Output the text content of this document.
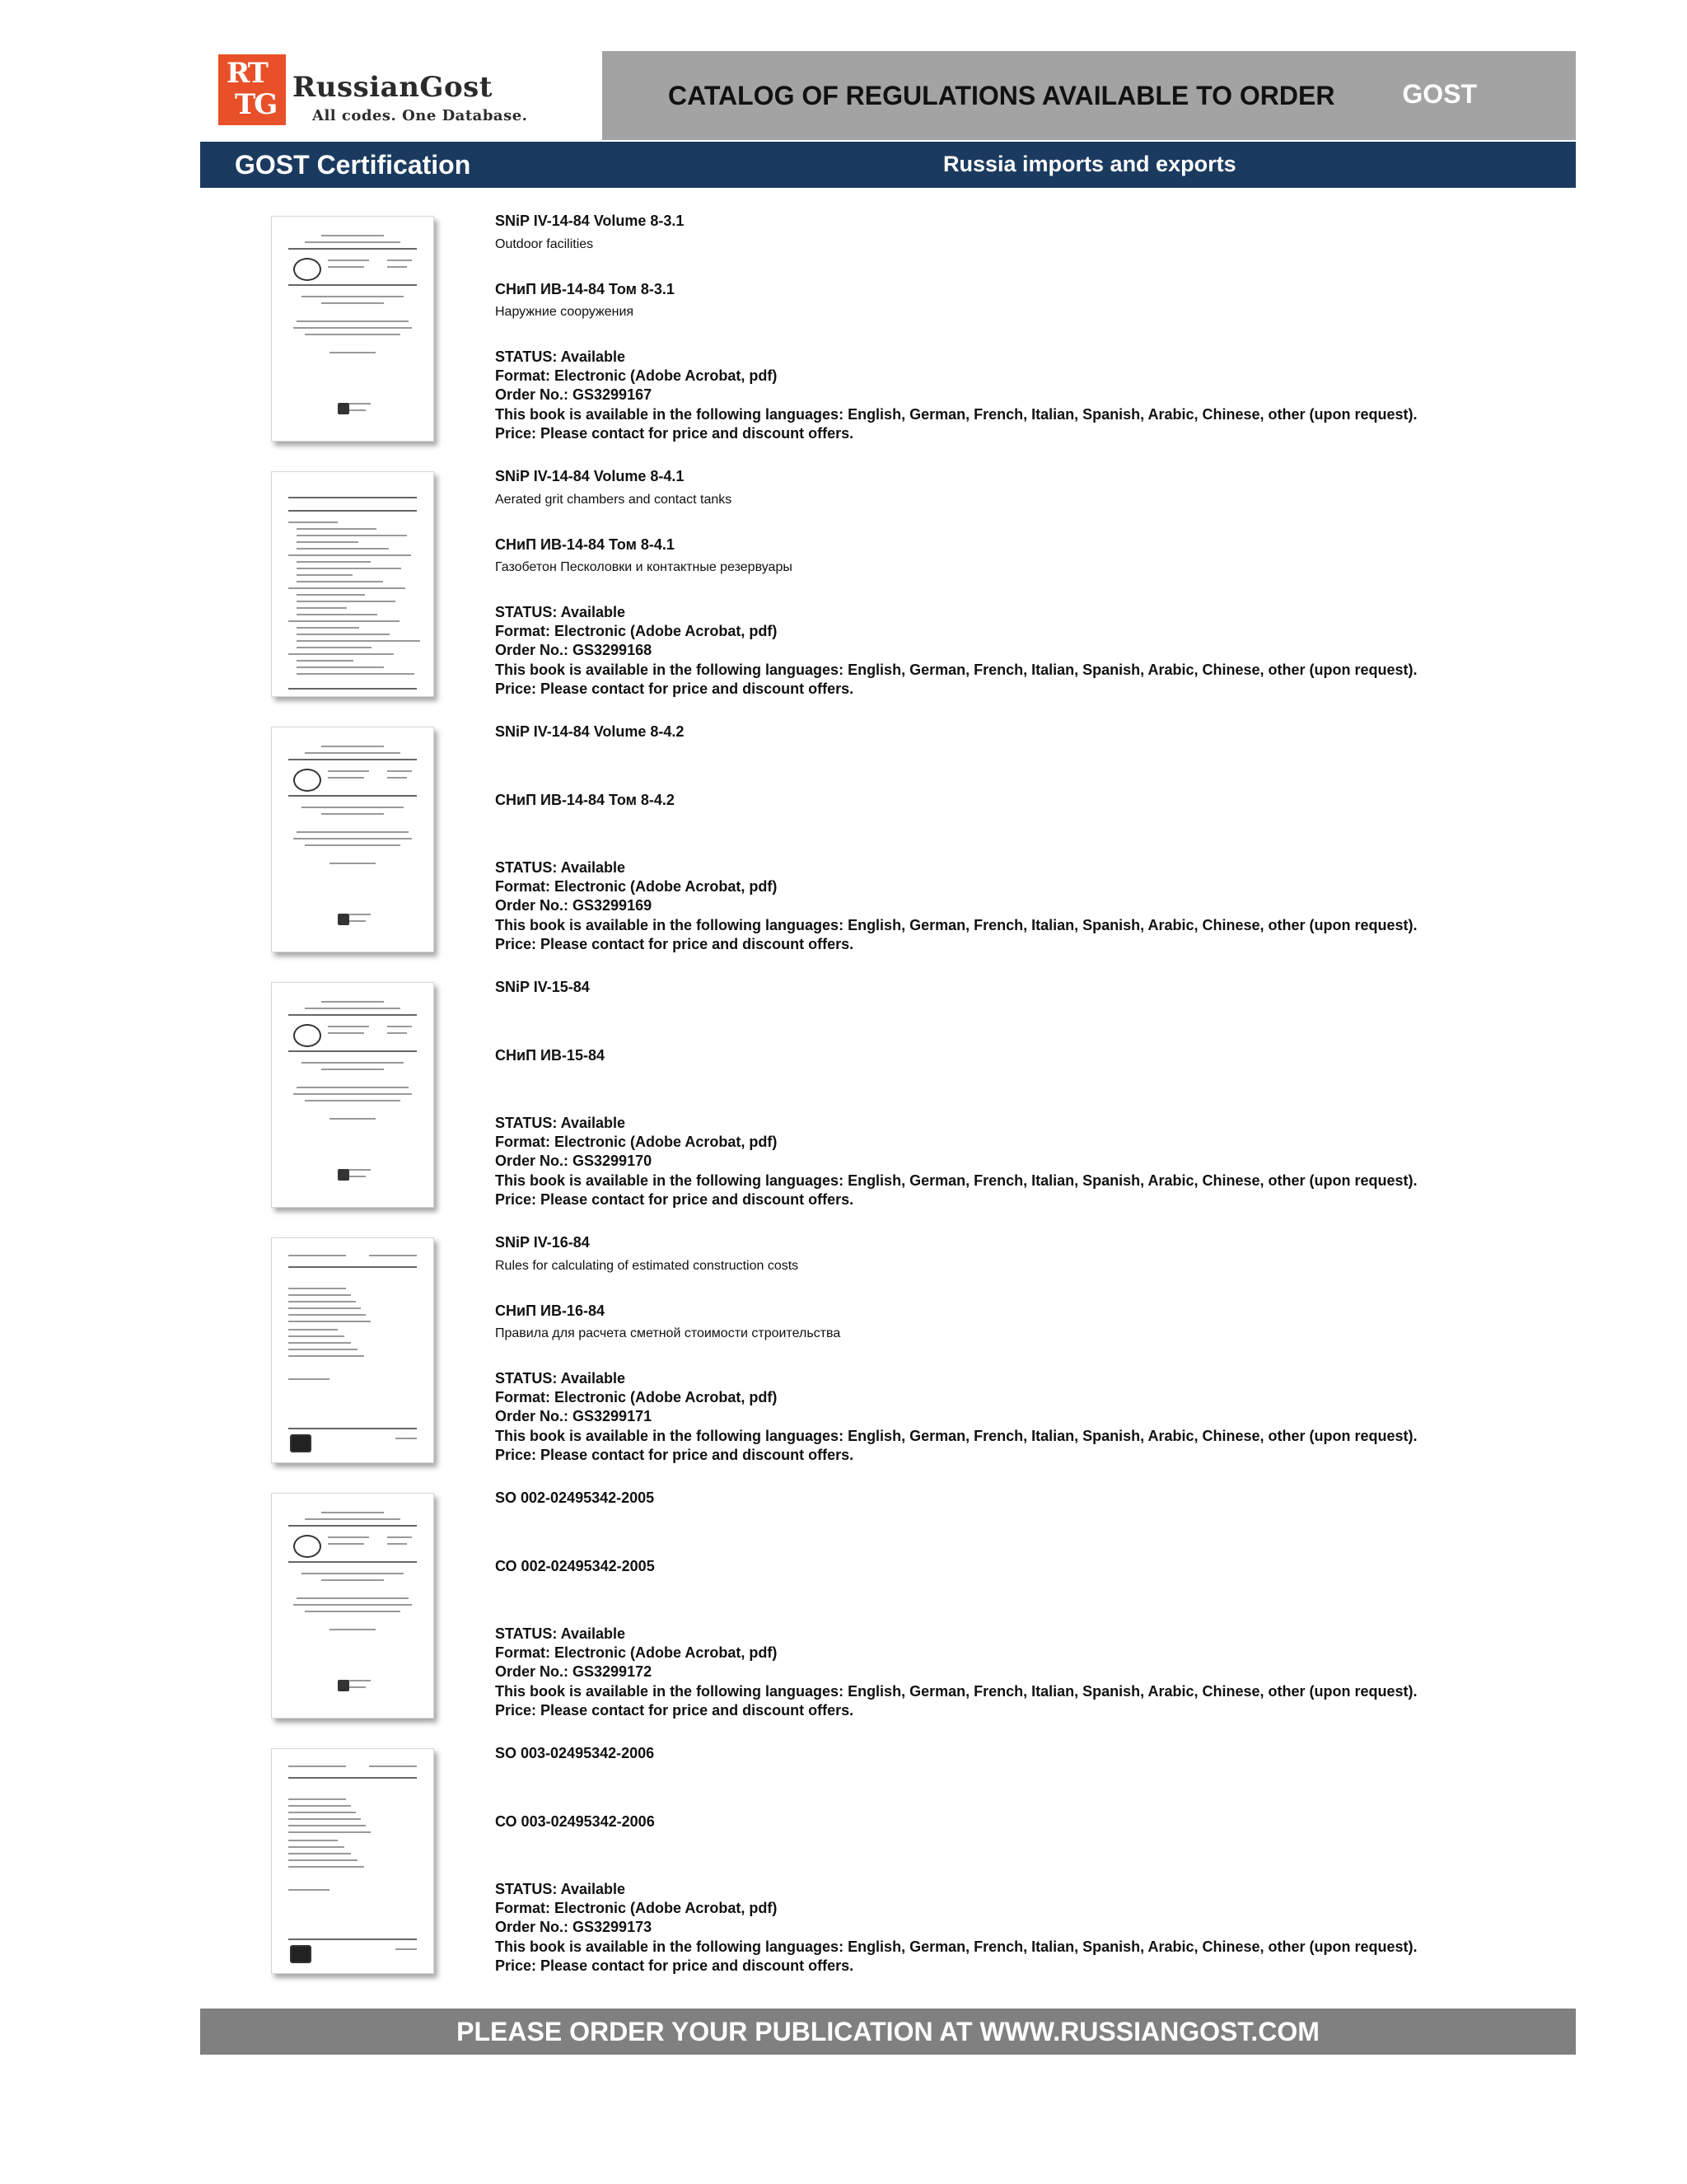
RT
TG
RussianGost
All codes. One Database.
CATALOG OF REGULATIONS AVAILABLE TO ORDER	GOST
GOST Certification	Russia imports and exports
SNiP IV-14-84 Volume 8-3.1
Outdoor facilities
СНиП ИВ-14-84 Том 8-3.1
Наружние сооружения
STATUS: Available
Format: Electronic (Adobe Acrobat, pdf)
Order No.: GS3299167
This book is available in the following languages: English, German, French, Italian, Spanish, Arabic, Chinese, other (upon request).
Price: Please contact for price and discount offers.
SNiP IV-14-84 Volume 8-4.1
Aerated grit chambers and contact tanks
СНиП ИВ-14-84 Том 8-4.1
Газобетон Песколовки и контактные резервуары
STATUS: Available
Format: Electronic (Adobe Acrobat, pdf)
Order No.: GS3299168
This book is available in the following languages: English, German, French, Italian, Spanish, Arabic, Chinese, other (upon request).
Price: Please contact for price and discount offers.
SNiP IV-14-84 Volume 8-4.2
СНиП ИВ-14-84 Том 8-4.2
STATUS: Available
Format: Electronic (Adobe Acrobat, pdf)
Order No.: GS3299169
This book is available in the following languages: English, German, French, Italian, Spanish, Arabic, Chinese, other (upon request).
Price: Please contact for price and discount offers.
SNiP IV-15-84
СНиП ИВ-15-84
STATUS: Available
Format: Electronic (Adobe Acrobat, pdf)
Order No.: GS3299170
This book is available in the following languages: English, German, French, Italian, Spanish, Arabic, Chinese, other (upon request).
Price: Please contact for price and discount offers.
SNiP IV-16-84
Rules for calculating of estimated construction costs
СНиП ИВ-16-84
Правила для расчета сметной стоимости строительства
STATUS: Available
Format: Electronic (Adobe Acrobat, pdf)
Order No.: GS3299171
This book is available in the following languages: English, German, French, Italian, Spanish, Arabic, Chinese, other (upon request).
Price: Please contact for price and discount offers.
SO 002-02495342-2005
СО 002-02495342-2005
STATUS: Available
Format: Electronic (Adobe Acrobat, pdf)
Order No.: GS3299172
This book is available in the following languages: English, German, French, Italian, Spanish, Arabic, Chinese, other (upon request).
Price: Please contact for price and discount offers.
SO 003-02495342-2006
СО 003-02495342-2006
STATUS: Available
Format: Electronic (Adobe Acrobat, pdf)
Order No.: GS3299173
This book is available in the following languages: English, German, French, Italian, Spanish, Arabic, Chinese, other (upon request).
Price: Please contact for price and discount offers.
PLEASE ORDER YOUR PUBLICATION AT WWW.RUSSIANGOST.COM
